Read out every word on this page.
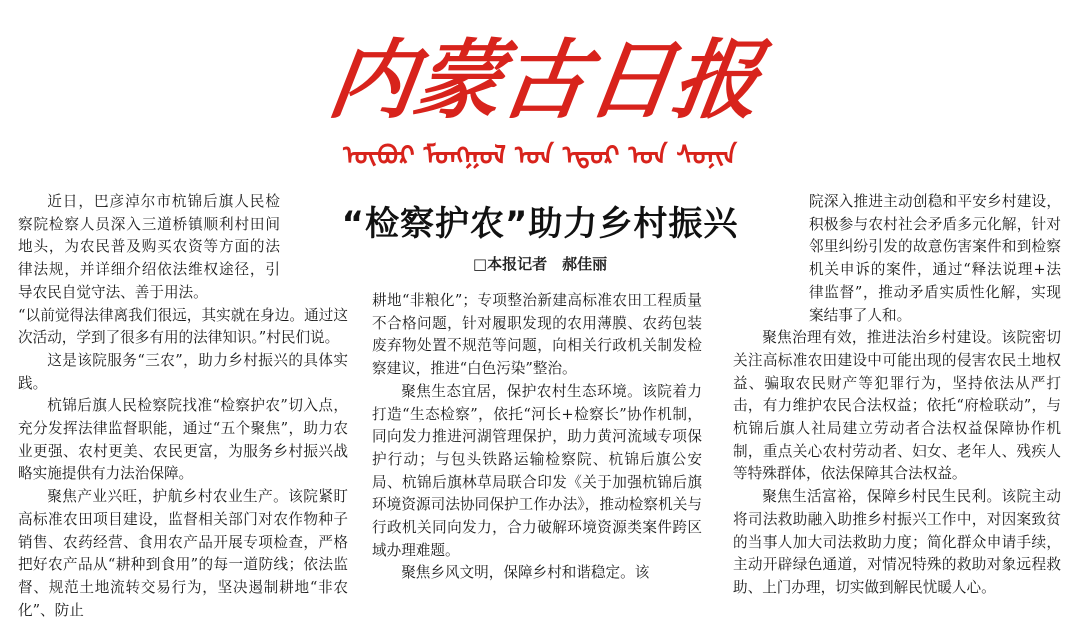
内蒙古日报
ᠥᠪᠦᠷ ᠮᠣᠩᠭᠣᠯ ᠤᠨ ᠡᠳᠦᠷ ᠤᠨ ᠰᠣᠨᠢᠨ
“检察护农”助力乡村振兴
□本报记者　郝佳丽

近日，巴彦淖尔市杭锦后旗人民检察院检察人员深入三道桥镇顺利村田间地头，为农民普及购买农资等方面的法律法规，并详细介绍依法维权途径，引导农民自觉守法、善于用法。

“以前觉得法律离我们很远，其实就在身边。通过这次活动，学到了很多有用的法律知识。”村民们说。

这是该院服务“三农”，助力乡村振兴的具体实践。

杭锦后旗人民检察院找准“检察护农”切入点，充分发挥法律监督职能，通过“五个聚焦”，助力农业更强、农村更美、农民更富，为服务乡村振兴战略实施提供有力法治保障。

聚焦产业兴旺，护航乡村农业生产。该院紧盯高标准农田项目建设，监督相关部门对农作物种子销售、农药经营、食用农产品开展专项检查，严格把好农产品从“耕种到食用”的每一道防线；依法监督、规范土地流转交易行为，坚决遏制耕地“非农化”、防止

耕地“非粮化”；专项整治新建高标准农田工程质量不合格问题，针对履职发现的农用薄膜、农药包装废弃物处置不规范等问题，向相关行政机关制发检察建议，推进“白色污染”整治。

聚焦生态宜居，保护农村生态环境。该院着力打造“生态检察”，依托“河长+检察长”协作机制，同向发力推进河湖管理保护，助力黄河流域专项保护行动；与包头铁路运输检察院、杭锦后旗公安局、杭锦后旗林草局联合印发《关于加强杭锦后旗环境资源司法协同保护工作办法》，推动检察机关与行政机关同向发力，合力破解环境资源类案件跨区域办理难题。

聚焦乡风文明，保障乡村和谐稳定。该

院深入推进主动创稳和平安乡村建设，积极参与农村社会矛盾多元化解，针对邻里纠纷引发的故意伤害案件和到检察机关申诉的案件，通过“释法说理+法律监督”，推动矛盾实质性化解，实现案结事了人和。

聚焦治理有效，推进法治乡村建设。该院密切关注高标准农田建设中可能出现的侵害农民土地权益、骗取农民财产等犯罪行为，坚持依法从严打击，有力维护农民合法权益；依托“府检联动”，与杭锦后旗人社局建立劳动者合法权益保障协作机制，重点关心农村劳动者、妇女、老年人、残疾人等特殊群体，依法保障其合法权益。

聚焦生活富裕，保障乡村民生民利。该院主动将司法救助融入助推乡村振兴工作中，对因案致贫的当事人加大司法救助力度；简化群众申请手续，主动开辟绿色通道，对情况特殊的救助对象远程救助、上门办理，切实做到解民忧暖人心。
